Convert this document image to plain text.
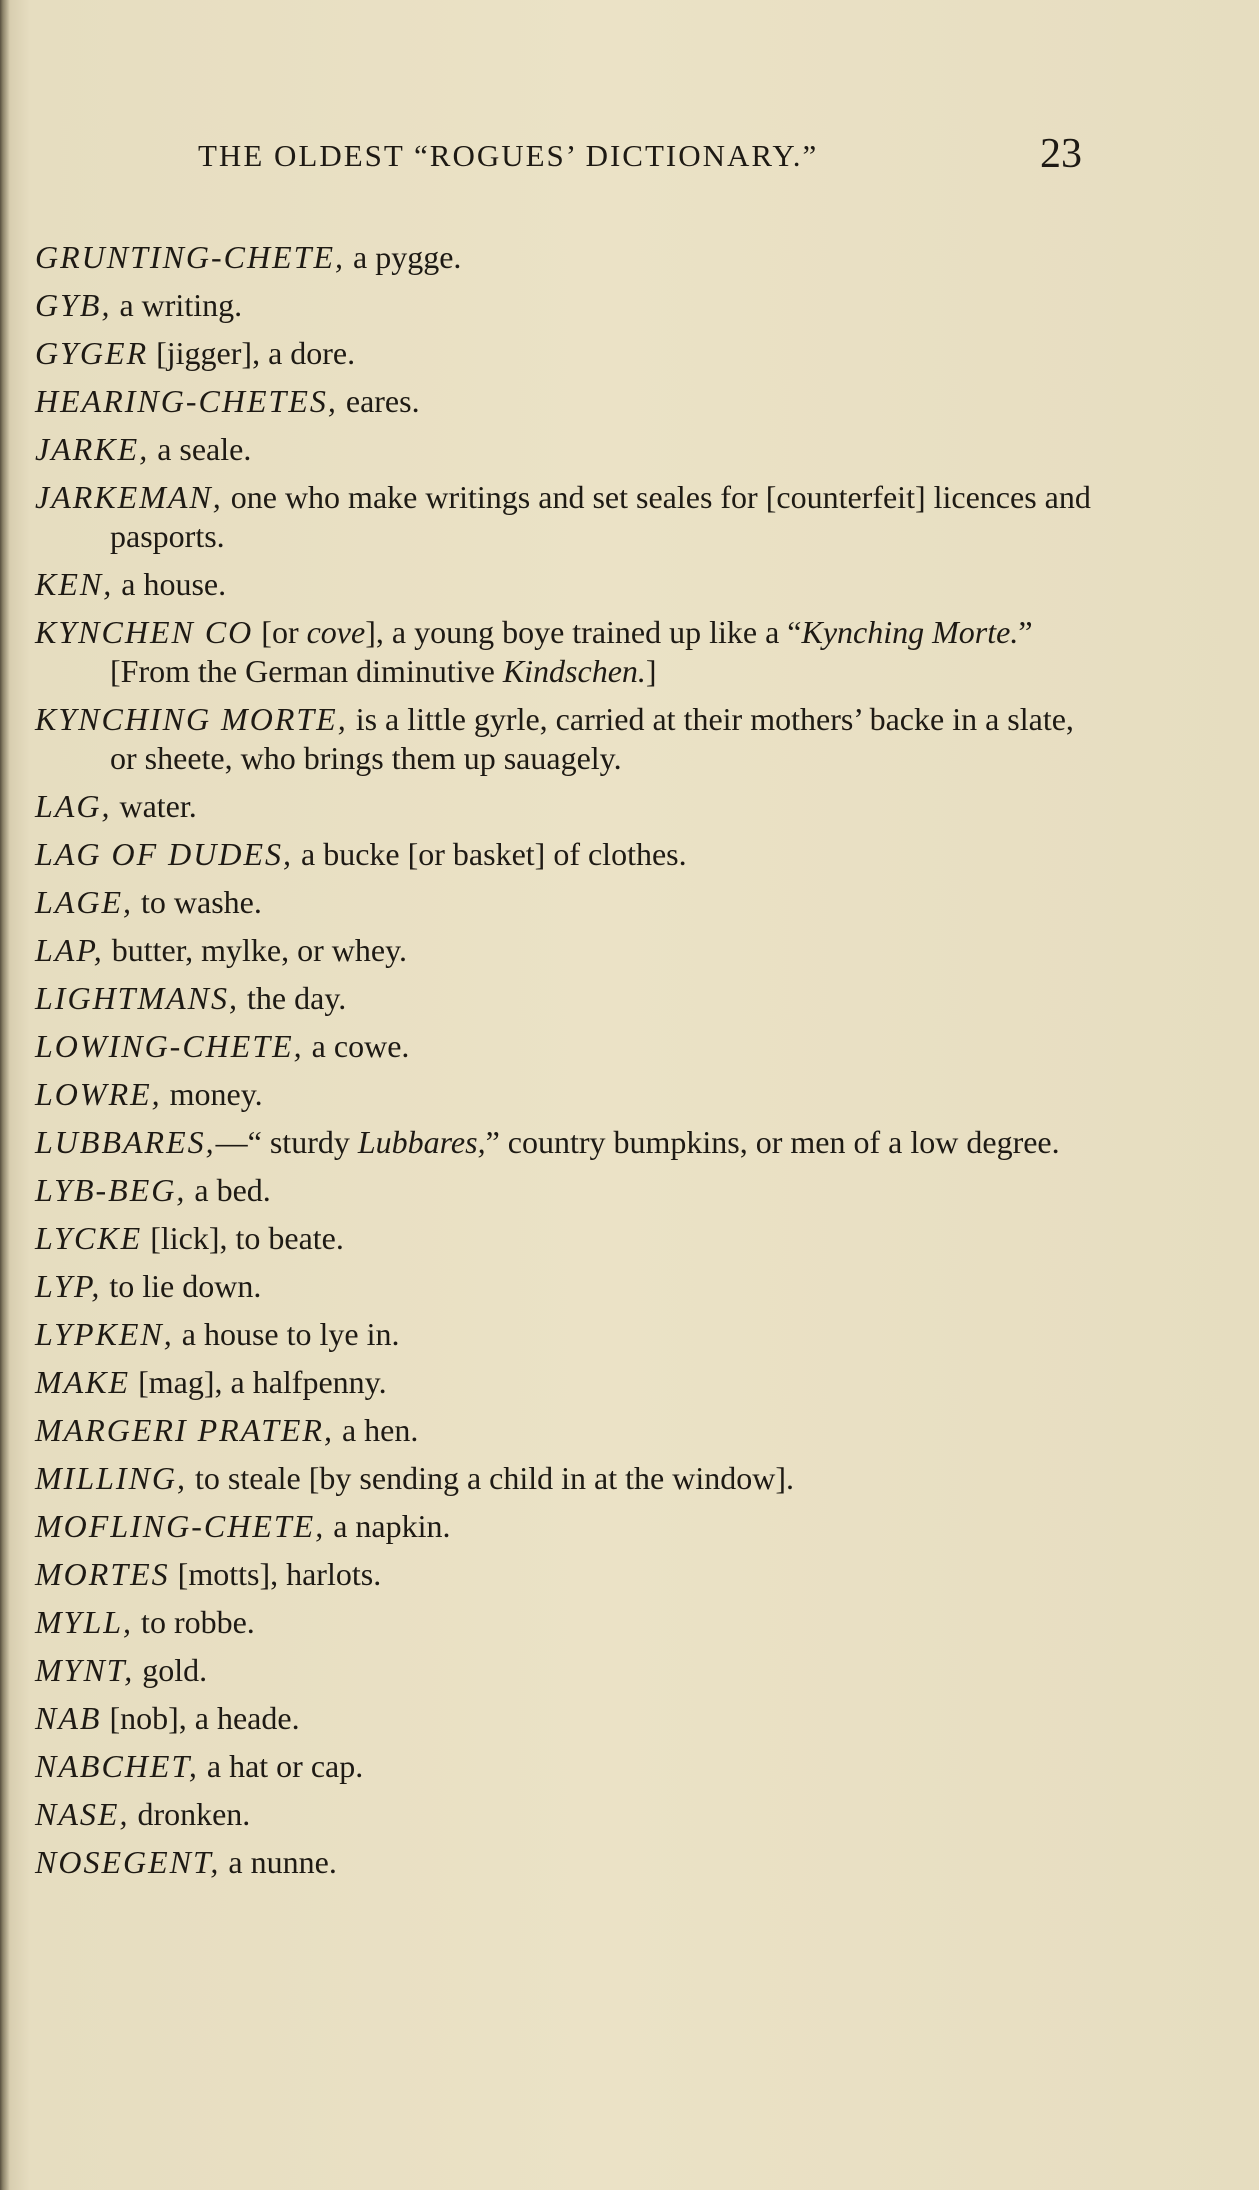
THE OLDEST “ROGUES’ DICTIONARY.”	23

GRUNTING-CHETE, a pygge.

GYB, a writing.

GYGER [jigger], a dore.

HEARING-CHETES, eares.

JARKE, a seale.

JARKEMAN, one who make writings and set seales for [counterfeit] licences and pasports.

KEN, a house.

KYNCHEN CO [or cove], a young boye trained up like a “Kynching Morte.” [From the German diminutive Kindschen.]

KYNCHING MORTE, is a little gyrle, carried at their mothers’ backe in a slate, or sheete, who brings them up sauagely.

LAG, water.

LAG OF DUDES, a bucke [or basket] of clothes.

LAGE, to washe.

LAP, butter, mylke, or whey.

LIGHTMANS, the day.

LOWING-CHETE, a cowe.

LOWRE, money.

LUBBARES,—“ sturdy Lubbares,” country bumpkins, or men of a low degree.

LYB-BEG, a bed.

LYCKE [lick], to beate.

LYP, to lie down.

LYPKEN, a house to lye in.

MAKE [mag], a halfpenny.

MARGERI PRATER, a hen.

MILLING, to steale [by sending a child in at the window].

MOFLING-CHETE, a napkin.

MORTES [motts], harlots.

MYLL, to robbe.

MYNT, gold.

NAB [nob], a heade.

NABCHET, a hat or cap.

NASE, dronken.

NOSEGENT, a nunne.
